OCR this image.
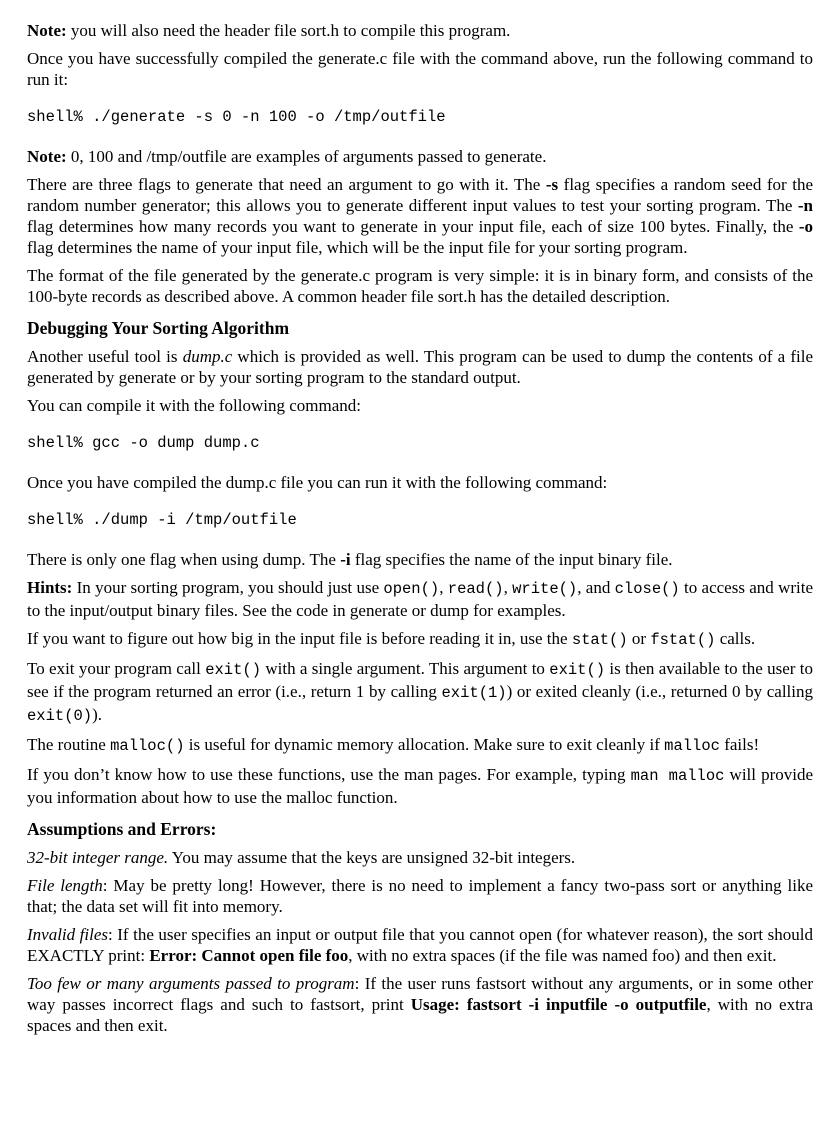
Note: you will also need the header file sort.h to compile this program.

Once you have successfully compiled the generate.c file with the command above, run the following command to run it:

shell% ./generate -s 0 -n 100 -o /tmp/outfile

Note: 0, 100 and /tmp/outfile are examples of arguments passed to generate.

There are three flags to generate that need an argument to go with it. The -s flag specifies a random seed for the random number generator; this allows you to generate different input values to test your sorting program. The -n flag determines how many records you want to generate in your input file, each of size 100 bytes. Finally, the -o flag determines the name of your input file, which will be the input file for your sorting program.

The format of the file generated by the generate.c program is very simple: it is in binary form, and consists of the 100-byte records as described above. A common header file sort.h has the detailed description.

Debugging Your Sorting Algorithm

Another useful tool is dump.c which is provided as well. This program can be used to dump the contents of a file generated by generate or by your sorting program to the standard output.

You can compile it with the following command:

shell% gcc -o dump dump.c

Once you have compiled the dump.c file you can run it with the following command:

shell% ./dump -i /tmp/outfile

There is only one flag when using dump. The -i flag specifies the name of the input binary file.

Hints: In your sorting program, you should just use open(), read(), write(), and close() to access and write to the input/output binary files. See the code in generate or dump for examples.

If you want to figure out how big in the input file is before reading it in, use the stat() or fstat() calls.

To exit your program call exit() with a single argument. This argument to exit() is then available to the user to see if the program returned an error (i.e., return 1 by calling exit(1)) or exited cleanly (i.e., returned 0 by calling exit(0)).

The routine malloc() is useful for dynamic memory allocation. Make sure to exit cleanly if malloc fails!

If you don’t know how to use these functions, use the man pages. For example, typing man malloc will provide you information about how to use the malloc function.

Assumptions and Errors:

32-bit integer range. You may assume that the keys are unsigned 32-bit integers.

File length: May be pretty long! However, there is no need to implement a fancy two-pass sort or anything like that; the data set will fit into memory.

Invalid files: If the user specifies an input or output file that you cannot open (for whatever reason), the sort should EXACTLY print: Error: Cannot open file foo, with no extra spaces (if the file was named foo) and then exit.

Too few or many arguments passed to program: If the user runs fastsort without any arguments, or in some other way passes incorrect flags and such to fastsort, print Usage: fastsort -i inputfile -o outputfile, with no extra spaces and then exit.
